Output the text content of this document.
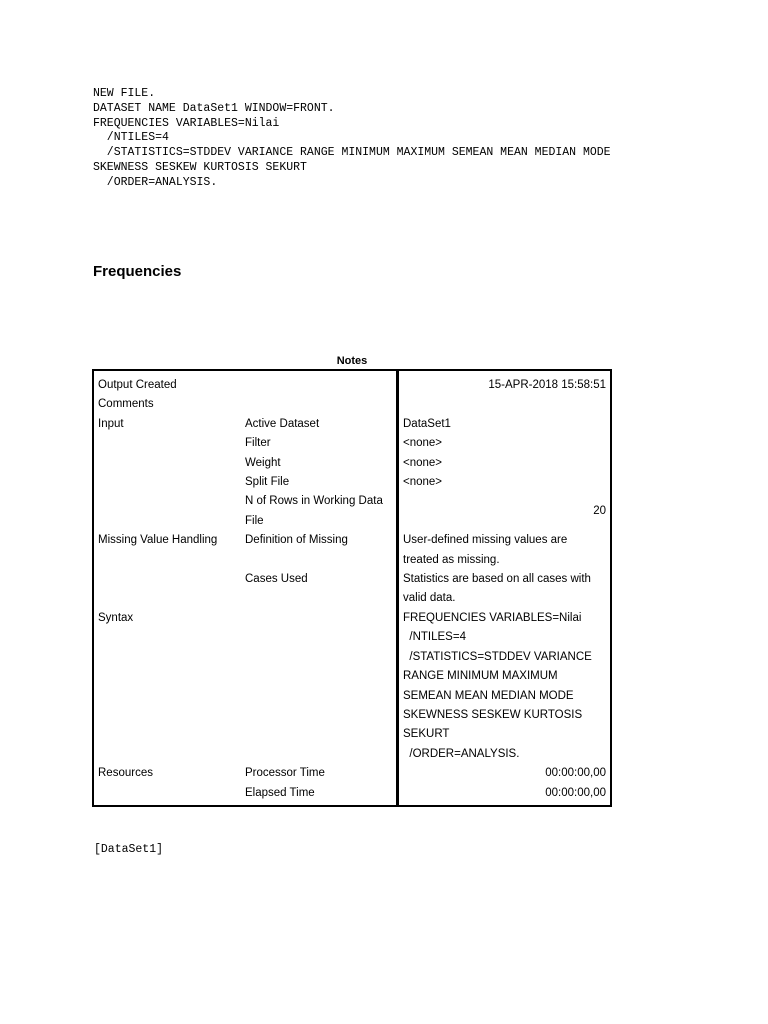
NEW FILE.
DATASET NAME DataSet1 WINDOW=FRONT.
FREQUENCIES VARIABLES=Nilai
/NTILES=4
/STATISTICS=STDDEV VARIANCE RANGE MINIMUM MAXIMUM SEMEAN MEAN MEDIAN MODE
SKEWNESS SESKEW KURTOSIS SEKURT
/ORDER=ANALYSIS.
Frequencies
Notes
Output Created		15-APR-2018 15:58:51
Comments		
Input	Active Dataset	DataSet1
	Filter	<none>
	Weight	<none>
	Split File	<none>
	N of Rows in Working Data File	20
Missing Value Handling	Definition of Missing	User-defined missing values are treated as missing.
	Cases Used	Statistics are based on all cases with valid data.
Syntax		FREQUENCIES VARIABLES=Nilai
/NTILES=4
/STATISTICS=STDDEV VARIANCE RANGE MINIMUM MAXIMUM SEMEAN MEAN MEDIAN MODE SKEWNESS SESKEW KURTOSIS SEKURT
/ORDER=ANALYSIS.
Resources	Processor Time	00:00:00,00
	Elapsed Time	00:00:00,00
[DataSet1]
